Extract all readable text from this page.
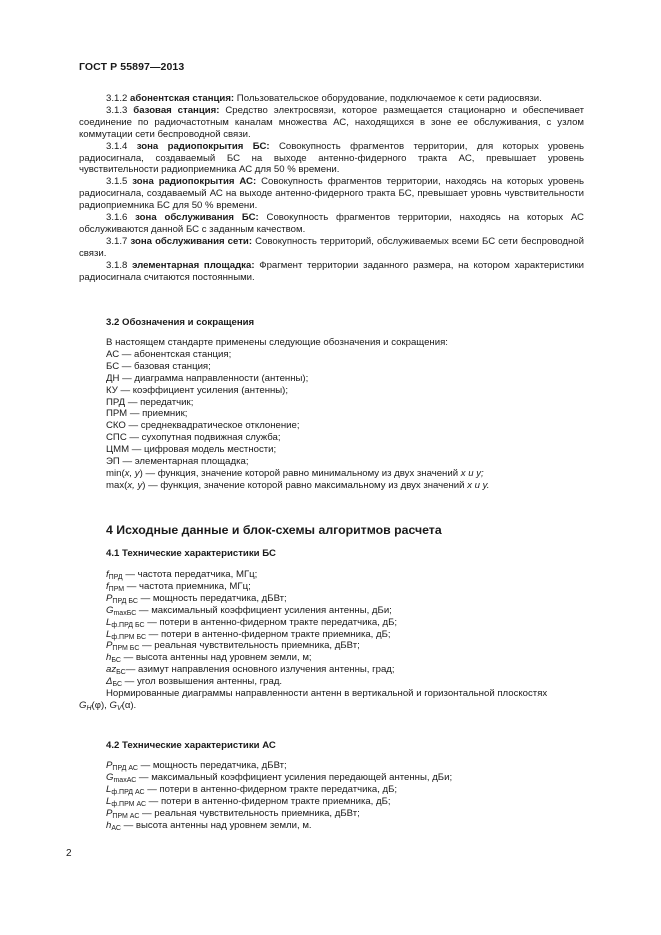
ГОСТ Р 55897—2013

3.1.2 абонентская станция: Пользовательское оборудование, подключаемое к сети радиосвязи.

3.1.3 базовая станция: Средство электросвязи, которое размещается стационарно и обеспечивает соединение по радиочастотным каналам множества АС, находящихся в зоне ее обслуживания, с узлом коммутации сети беспроводной связи.

3.1.4 зона радиопокрытия БС: Совокупность фрагментов территории, для которых уровень радиосигнала, создаваемый БС на выходе антенно-фидерного тракта АС, превышает уровень чувствительности радиоприемника АС для 50 % времени.

3.1.5 зона радиопокрытия АС: Совокупность фрагментов территории, находясь на которых уровень радиосигнала, создаваемый АС на выходе антенно-фидерного тракта БС, превышает уровнь чувствительности радиоприемника БС для 50 % времени.

3.1.6 зона обслуживания БС: Совокупность фрагментов территории, находясь на которых АС обслуживаются данной БС с заданным качеством.

3.1.7 зона обслуживания сети: Совокупность территорий, обслуживаемых всеми БС сети беспроводной связи.

3.1.8 элементарная площадка: Фрагмент территории заданного размера, на котором характеристики радиосигнала считаются постоянными.

3.2 Обозначения и сокращения

В настоящем стандарте применены следующие обозначения и сокращения:

АС — абонентская станция;

БС — базовая станция;

ДН — диаграмма направленности (антенны);

КУ — коэффициент усиления (антенны);

ПРД — передатчик;

ПРМ — приемник;

СКО — среднеквадратическое отклонение;

СПС — сухопутная подвижная служба;

ЦММ — цифровая модель местности;

ЭП — элементарная площадка;

min(x, y) — функция, значение которой равно минимальному из двух значений x и y;

max(x, y) — функция, значение которой равно максимальному из двух значений x и y.

4 Исходные данные и блок-схемы алгоритмов расчета
4.1 Технические характеристики БС

$f_{ПРД}$ — частота передатчика, МГц;

$f_{ПРМ}$ — частота приемника, МГц;

$P_{ПРД БС}$ — мощность передатчика, дБВт;

$G_{maxБС}$ — максимальный коэффициент усиления антенны, дБи;

$L_{ф.ПРД БС}$ — потери в антенно-фидерном тракте передатчика, дБ;

$L_{ф.ПРМ БС}$ — потери в антенно-фидерном тракте приемника, дБ;

$P_{ПРМ БС}$ — реальная чувствительность приемника, дБВт;

$h_{БС}$ — высота антенны над уровнем земли, м;

$az_{БС}—$ азимут направления основного излучения антенны, град;

$\Delta_{БС}$ — угол возвышения антенны, град.

Нормированные диаграммы направленности антенн в вертикальной и горизонтальной плоскостях

$G_H(\varphi)$, $G_V(\alpha)$.

4.2 Технические характеристики АС

$P_{ПРД АС}$ — мощность передатчика, дБВт;

$G_{maxАС}$ — максимальный коэффициент усиления передающей антенны, дБи;

$L_{ф.ПРД АС}$ — потери в антенно-фидерном тракте передатчика, дБ;

$L_{ф.ПРМ АС}$ — потери в антенно-фидерном тракте приемника, дБ;

$P_{ПРМ АС}$ — реальная чувствительность приемника, дБВт;

$h_{АС}$ — высота антенны над уровнем земли, м.

2
